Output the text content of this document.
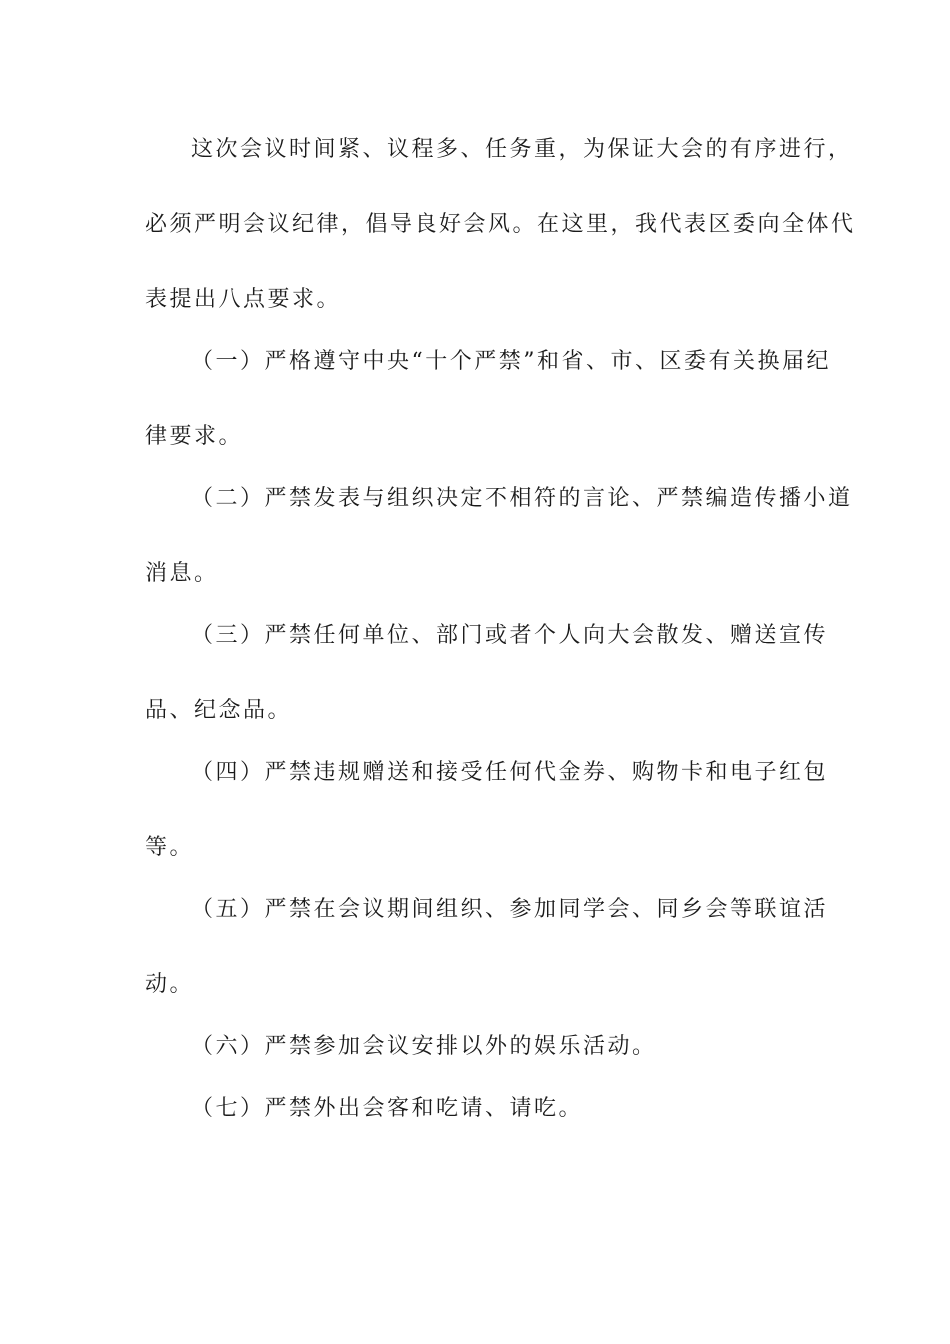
这次会议时间紧、议程多、任务重，为保证大会的有序进行，
必须严明会议纪律，倡导良好会风。在这里，我代表区委向全体代
表提出八点要求。

（一）严格遵守中央“十个严禁”和省、市、区委有关换届纪
律要求。

（二）严禁发表与组织决定不相符的言论、严禁编造传播小道
消息。

（三）严禁任何单位、部门或者个人向大会散发、赠送宣传
品、纪念品。

（四）严禁违规赠送和接受任何代金券、购物卡和电子红包
等。

（五）严禁在会议期间组织、参加同学会、同乡会等联谊活
动。

（六）严禁参加会议安排以外的娱乐活动。

（七）严禁外出会客和吃请、请吃。
